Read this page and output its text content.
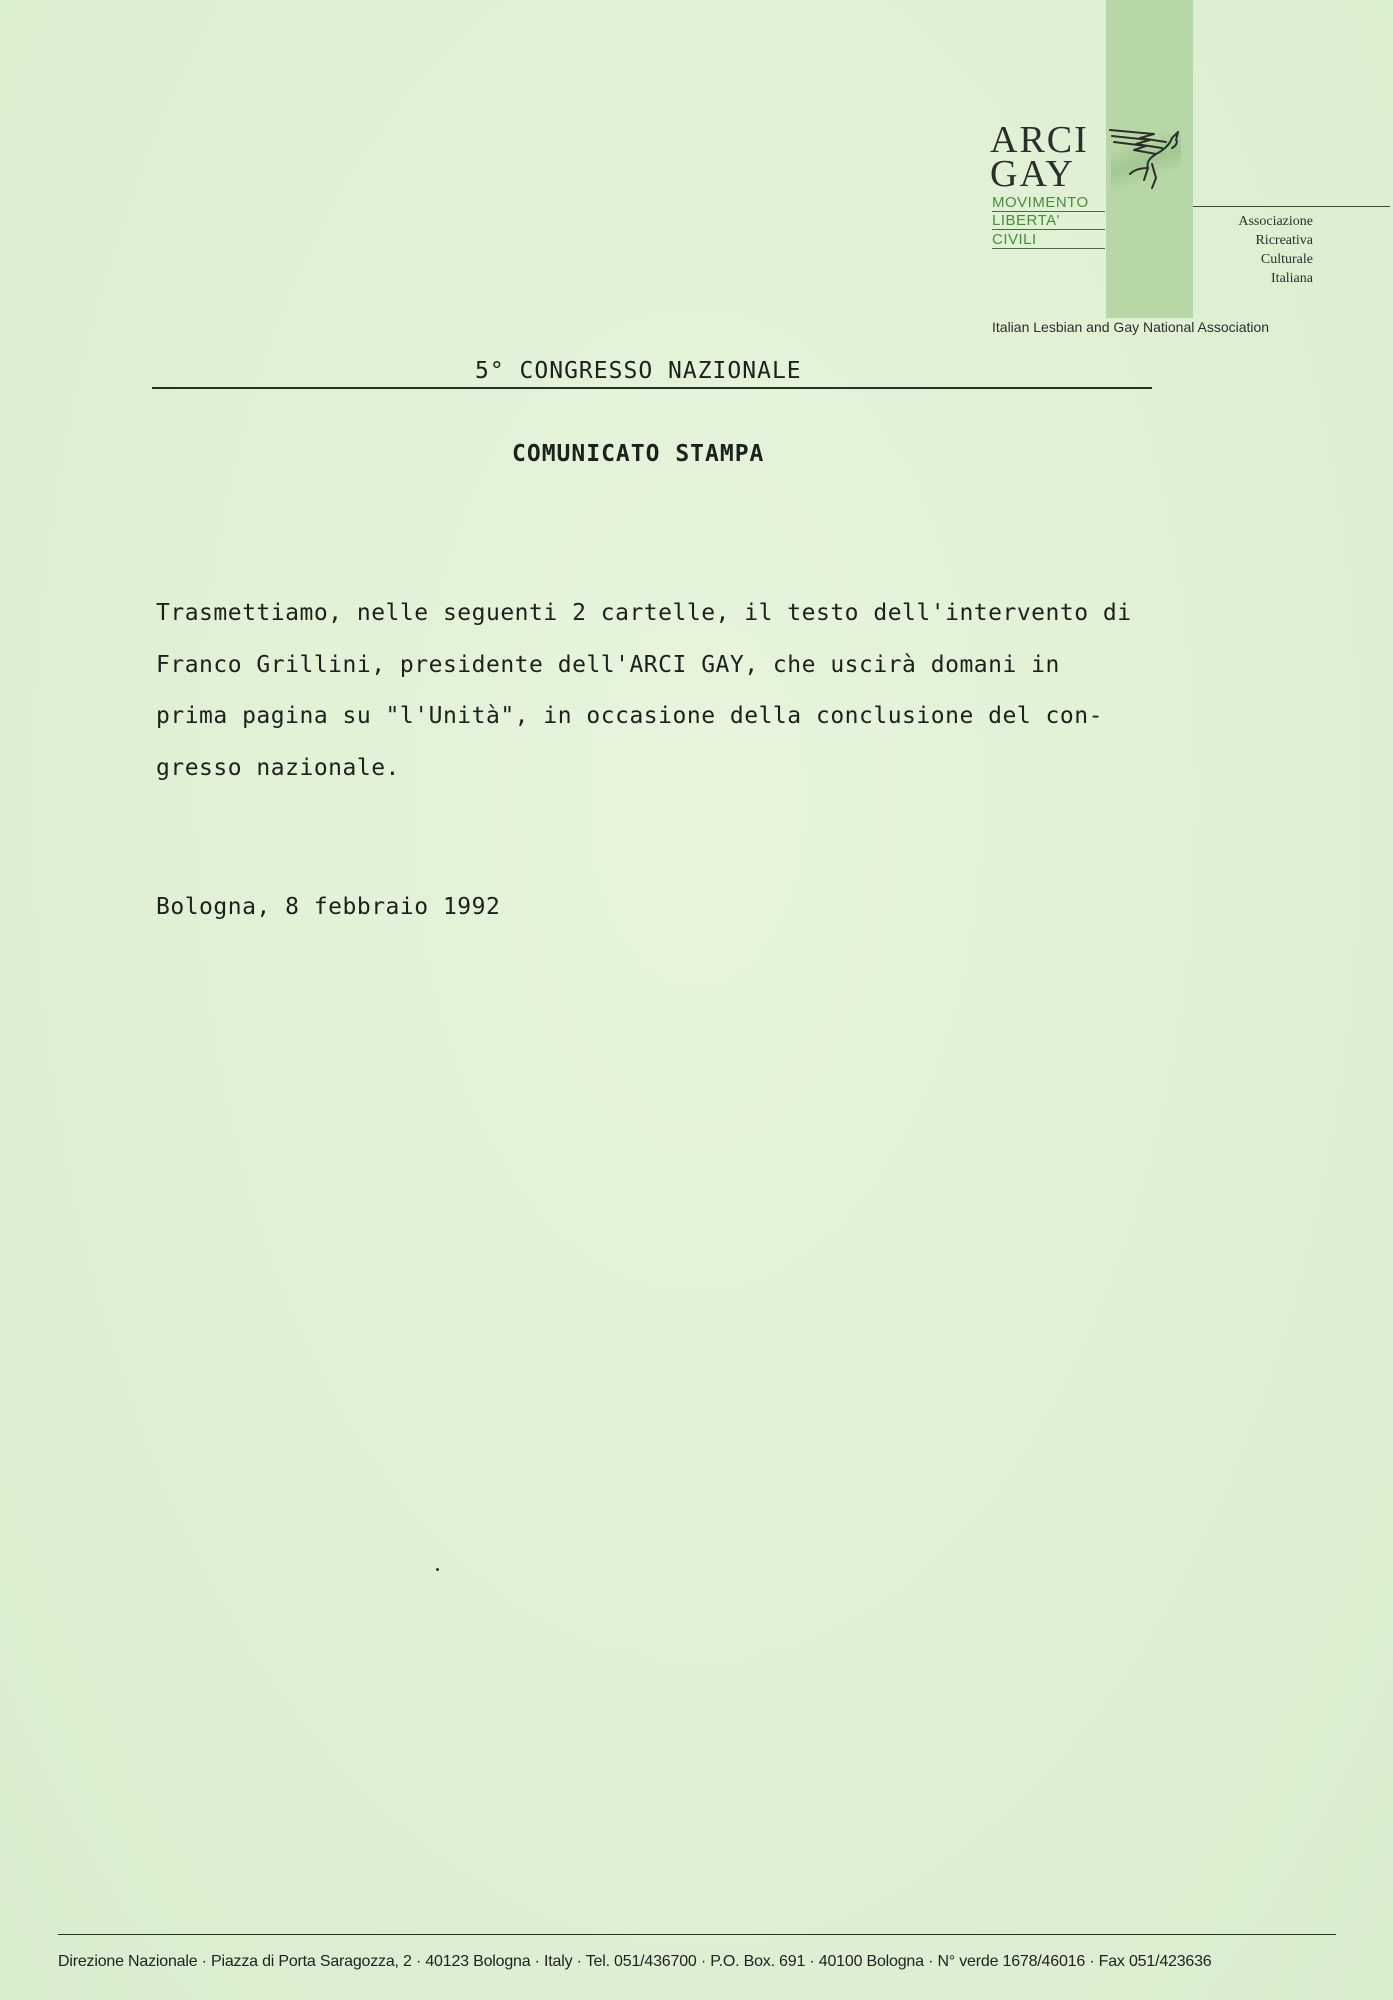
ARCI
GAY
MOVIMENTO
LIBERTA'
CIVILI
Associazione
Ricreativa
Culturale
Italiana
Italian Lesbian and Gay National Association
5° CONGRESSO NAZIONALE
COMUNICATO STAMPA
Trasmettiamo, nelle seguenti 2 cartelle, il testo dell'intervento di
Franco Grillini, presidente dell'ARCI GAY, che uscirà domani in
prima pagina su "l'Unità", in occasione della conclusione del con-
gresso nazionale.
Bologna, 8 febbraio 1992
Direzione Nazionale · Piazza di Porta Saragozza, 2 · 40123 Bologna · Italy · Tel. 051/436700 · P.O. Box. 691 · 40100 Bologna · N° verde 1678/46016 · Fax 051/423636
